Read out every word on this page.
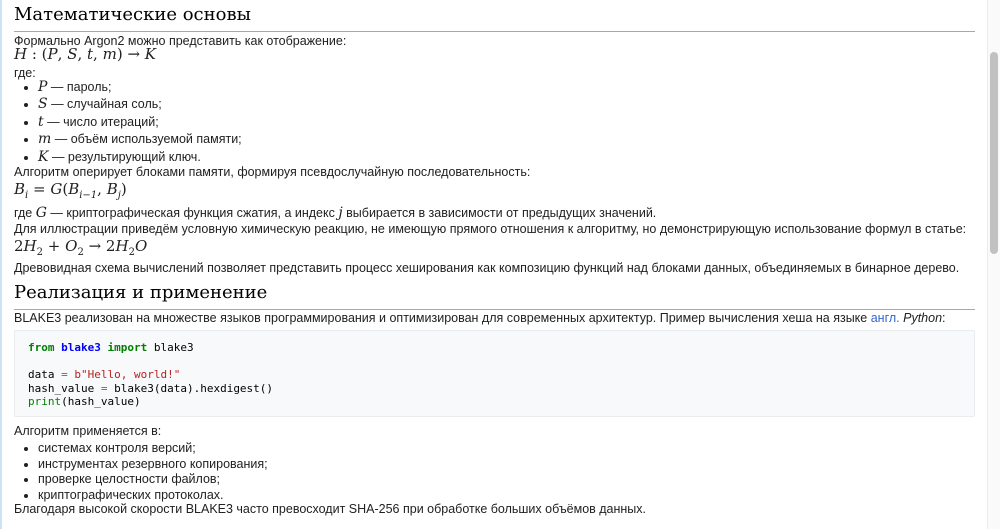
Математические основы

Формально Argon2 можно представить как отображение:

H : (P, S, t, m) → K

где:

• P — пароль;
• S — случайная соль;
• t — число итераций;
• m — объём используемой памяти;
• K — результирующий ключ.

Алгоритм оперирует блоками памяти, формируя псевдослучайную последовательность:

$B_i = G(B_{i-1}$, $B_j$)

где G — криптографическая функция сжатия, а индекс j выбирается в зависимости от предыдущих значений.

Для иллюстрации приведём условную химическую реакцию, не имеющую прямого отношения к алгоритму, но демонстрирующую использование формул в статье:

$2H_2 + O_2 \to 2H_2O$

Древовидная схема вычислений позволяет представить процесс хеширования как композицию функций над блоками данных, объединяемых в бинарное дерево.

Реализация и применение

BLAKE3 реализован на множестве языков программирования и оптимизирован для современных архитектур. Пример вычисления хеша на языке англ. Python:

from blake3 import blake3
data = b"Hello, world!"
hash_value = blake3(data).hexdigest()
print(hash_value)

Алгоритм применяется в:

• системах контроля версий;
• инструментах резервного копирования;
• проверке целостности файлов;
• криптографических протоколах.

Благодаря высокой скорости BLAKE3 часто превосходит SHA-256 при обработке больших объёмов данных.
